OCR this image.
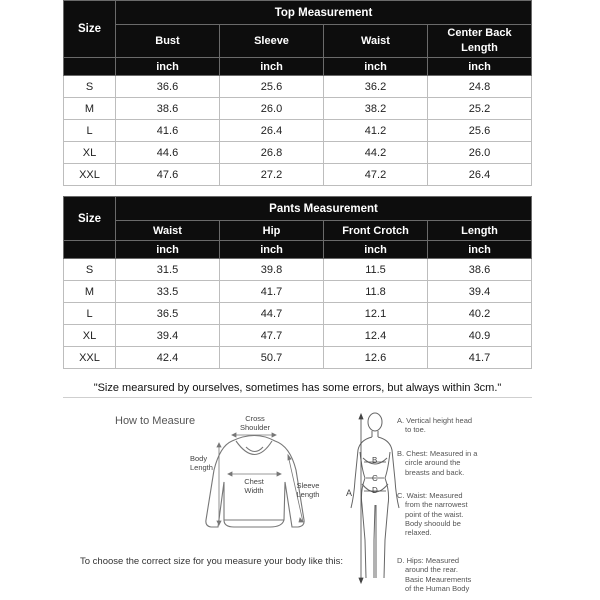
Size	Top Measurement			
	Bust	Sleeve	Waist	Center Back Length
	inch	inch	inch	inch
S	36.6	25.6	36.2	24.8
M	38.6	26.0	38.2	25.2
L	41.6	26.4	41.2	25.6
XL	44.6	26.8	44.2	26.0
XXL	47.6	27.2	47.2	26.4
Size	Pants Measurement			
	Waist	Hip	Front Crotch	Length
	inch	inch	inch	inch
S	31.5	39.8	11.5	38.6
M	33.5	41.7	11.8	39.4
L	36.5	44.7	12.1	40.2
XL	39.4	47.7	12.4	40.9
XXL	42.4	50.7	12.6	41.7
"Size mearsured by ourselves, sometimes has some errors, but always within 3cm."
How to Measure	Cross Shoulder
Body Length
Chest Width
Sleeve Length	A
B
C
D
To choose the correct size for you measure your body like this:
A. Vertical height head
to toe.
B. Chest: Measured in a
circle around the
breasts and back.
C. Waist: Measured
from the narrowest
point of the waist.
Body shoould be
relaxed.
D. Hips: Measured
around the rear.
Basic Meaurements
of the Human Body
